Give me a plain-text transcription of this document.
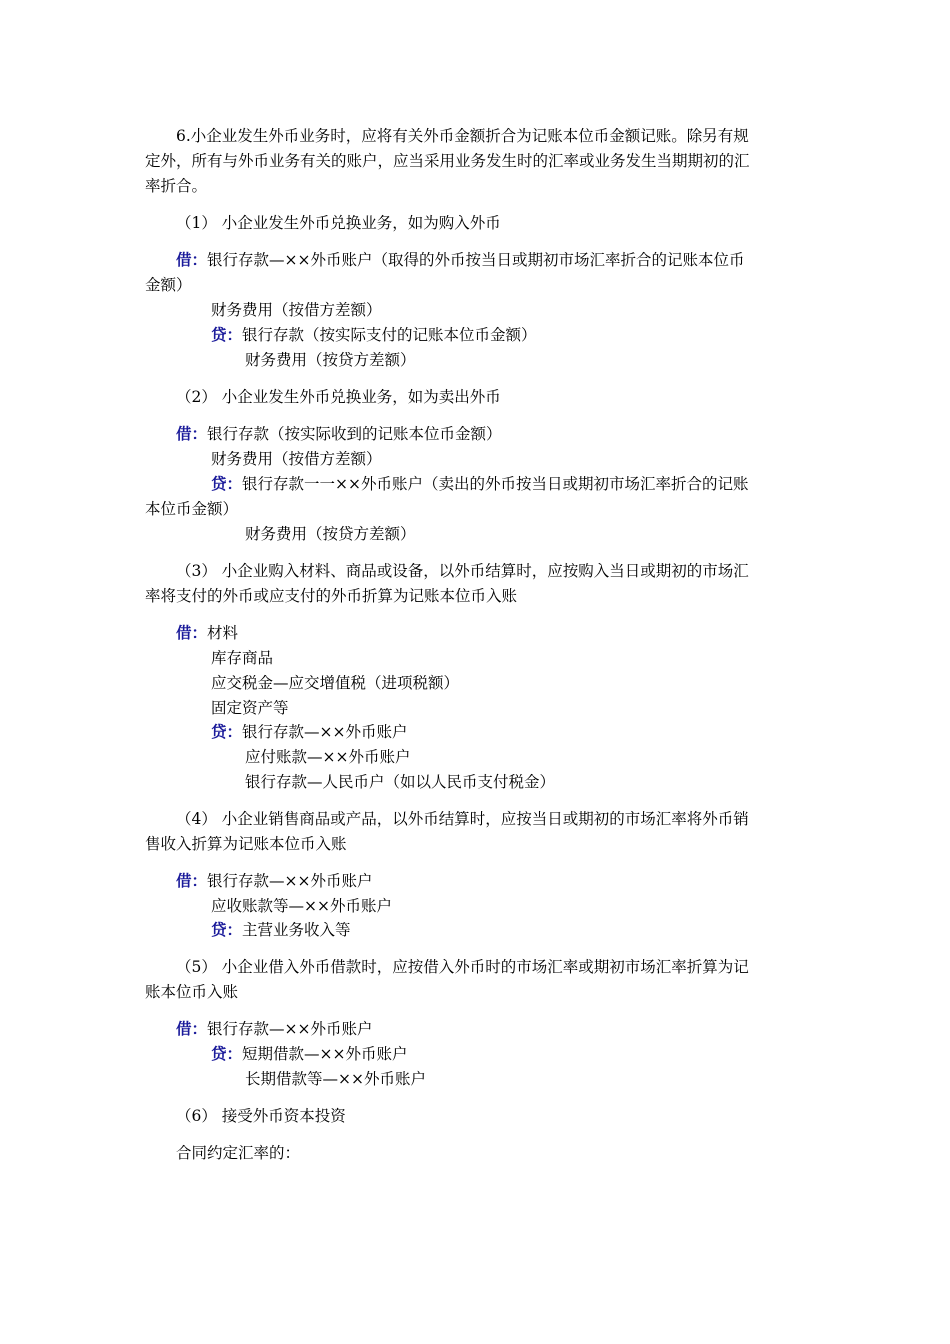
6.小企业发生外币业务时，应将有关外币金额折合为记账本位币金额记账。除另有规
定外，所有与外币业务有关的账户，应当采用业务发生时的汇率或业务发生当期期初的汇
率折合。
（1） 小企业发生外币兑换业务，如为购入外币
借：银行存款—××外币账户（取得的外币按当日或期初市场汇率折合的记账本位币
金额）
财务费用（按借方差额）
贷：银行存款（按实际支付的记账本位币金额）
财务费用（按贷方差额）
（2） 小企业发生外币兑换业务，如为卖出外币
借：银行存款（按实际收到的记账本位币金额）
财务费用（按借方差额）
贷：银行存款一一××外币账户（卖出的外币按当日或期初市场汇率折合的记账
本位币金额）
财务费用（按贷方差额）
（3） 小企业购入材料、商品或设备，以外币结算时，应按购入当日或期初的市场汇
率将支付的外币或应支付的外币折算为记账本位币入账
借：材料
库存商品
应交税金—应交增值税（进项税额）
固定资产等
贷：银行存款—××外币账户
应付账款—××外币账户
银行存款—人民币户（如以人民币支付税金）
（4） 小企业销售商品或产品，以外币结算时，应按当日或期初的市场汇率将外币销
售收入折算为记账本位币入账
借：银行存款—××外币账户
应收账款等—××外币账户
贷：主营业务收入等
（5） 小企业借入外币借款时，应按借入外币时的市场汇率或期初市场汇率折算为记
账本位币入账
借：银行存款—××外币账户
贷：短期借款—××外币账户
长期借款等—××外币账户
（6） 接受外币资本投资
合同约定汇率的：
